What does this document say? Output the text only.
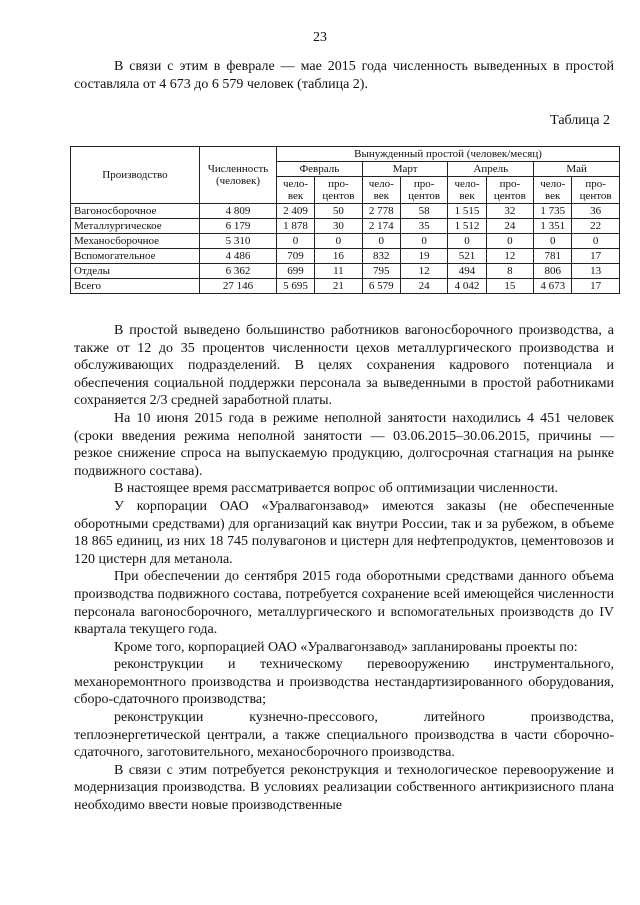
23

В связи с этим в феврале — мае 2015 года численность выведенных в простой составляла от 4 673 до 6 579 человек (таблица 2).

Таблица 2
Производство	Численность (человек)	Вынужденный простой (человек/месяц)							
		Февраль		Март		Апрель		Май	
		чело-век	про-центов	чело-век	про-центов	чело-век	про-центов	чело-век	про-центов
Вагоносборочное	4 809	2 409	50	2 778	58	1 515	32	1 735	36
Металлургическое	6 179	1 878	30	2 174	35	1 512	24	1 351	22
Механосборочное	5 310	0	0	0	0	0	0	0	0
Вспомогательное	4 486	709	16	832	19	521	12	781	17
Отделы	6 362	699	11	795	12	494	8	806	13
Всего	27 146	5 695	21	6 579	24	4 042	15	4 673	17

В простой выведено большинство работников вагоносборочного производства, а также от 12 до 35 процентов численности цехов металлургического производства и обслуживающих подразделений. В целях сохранения кадрового потенциала и обеспечения социальной поддержки персонала за выведенными в простой работниками сохраняется 2/3 средней заработной платы.

На 10 июня 2015 года в режиме неполной занятости находились 4 451 человек (сроки введения режима неполной занятости — 03.06.2015–30.06.2015, причины — резкое снижение спроса на выпускаемую продукцию, долгосрочная стагнация на рынке подвижного состава).

В настоящее время рассматривается вопрос об оптимизации численности.

У корпорации ОАО «Уралвагонзавод» имеются заказы (не обеспеченные оборотными средствами) для организаций как внутри России, так и за рубежом, в объеме 18 865 единиц, из них 18 745 полувагонов и цистерн для нефтепродуктов, цементовозов и 120 цистерн для метанола.

При обеспечении до сентября 2015 года оборотными средствами данного объема производства подвижного состава, потребуется сохранение всей имеющейся численности персонала вагоносборочного, металлургического и вспомогательных производств до IV квартала текущего года.

Кроме того, корпорацией ОАО «Уралвагонзавод» запланированы проекты по:

реконструкции и техническому перевооружению инструментального, механоремонтного производства и производства нестандартизированного оборудования, сборо-сдаточного производства;

реконструкции кузнечно-прессового, литейного производства, теплоэнергетической централи, а также специального производства в части сборочно-сдаточного, заготовительного, механосборочного производства.

В связи с этим потребуется реконструкция и технологическое перевооружение и модернизация производства. В условиях реализации собственного антикризисного плана необходимо ввести новые производственные
